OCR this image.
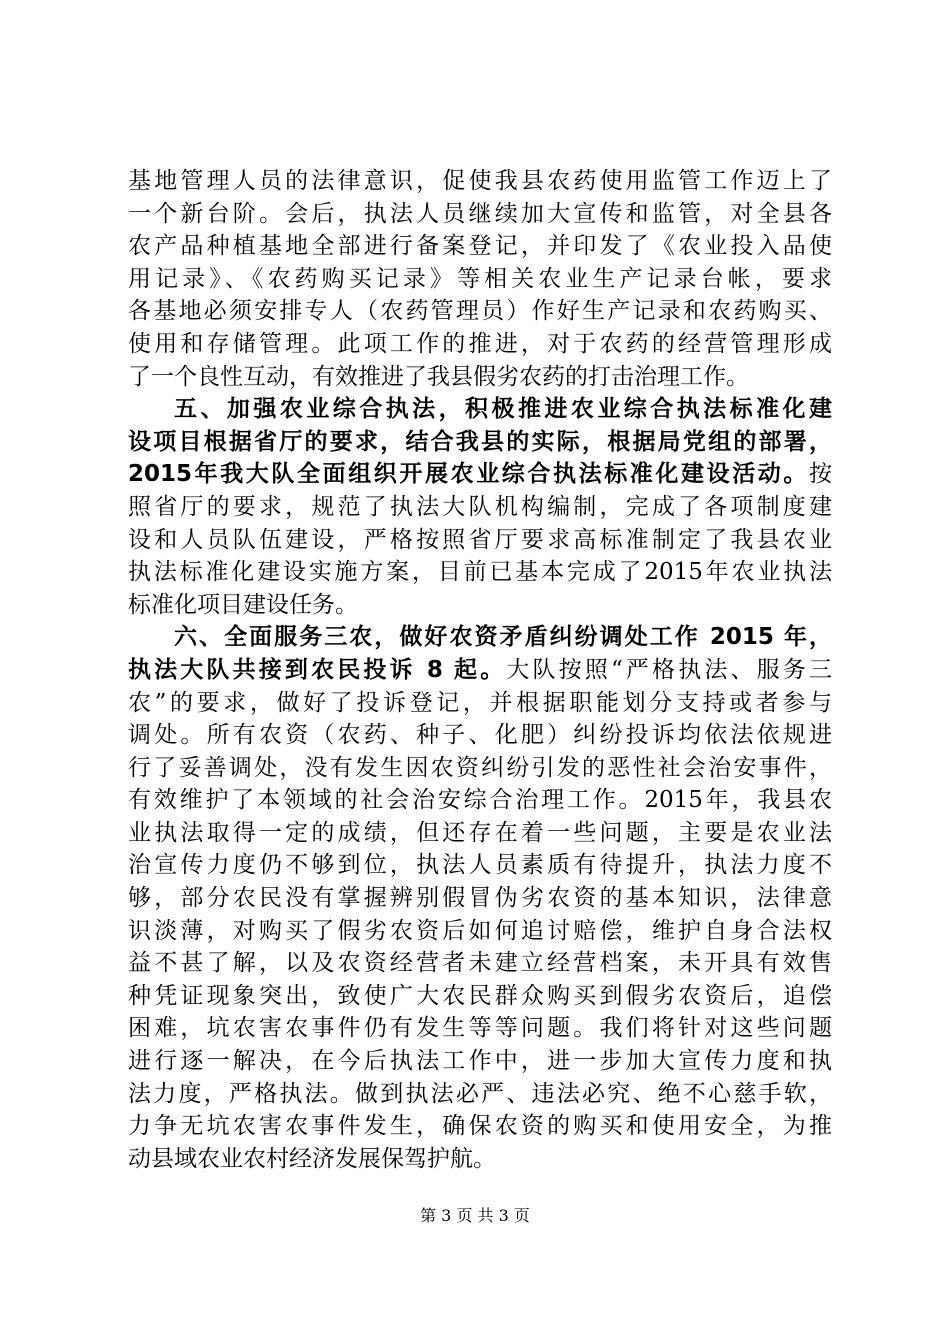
基地管理人员的法律意识，促使我县农药使用监管工作迈上了
一个新台阶。会后，执法人员继续加大宣传和监管，对全县各
农产品种植基地全部进行备案登记，并印发了《农业投入品使
用记录》、《农药购买记录》等相关农业生产记录台帐，要求
各基地必须安排专人（农药管理员）作好生产记录和农药购买、
使用和存储管理。此项工作的推进，对于农药的经营管理形成
了一个良性互动，有效推进了我县假劣农药的打击治理工作。
五、加强农业综合执法，积极推进农业综合执法标准化建
设项目根据省厅的要求，结合我县的实际，根据局党组的部署，
2015年我大队全面组织开展农业综合执法标准化建设活动。按
照省厅的要求，规范了执法大队机构编制，完成了各项制度建
设和人员队伍建设，严格按照省厅要求高标准制定了我县农业
执法标准化建设实施方案，目前已基本完成了2015年农业执法
标准化项目建设任务。
六、全面服务三农，做好农资矛盾纠纷调处工作 2015 年，
执法大队共接到农民投诉 8 起。大队按照“严格执法、服务三
农”的要求，做好了投诉登记，并根据职能划分支持或者参与
调处。所有农资（农药、种子、化肥）纠纷投诉均依法依规进
行了妥善调处，没有发生因农资纠纷引发的恶性社会治安事件，
有效维护了本领域的社会治安综合治理工作。2015年，我县农
业执法取得一定的成绩，但还存在着一些问题，主要是农业法
治宣传力度仍不够到位，执法人员素质有待提升，执法力度不
够，部分农民没有掌握辨别假冒伪劣农资的基本知识，法律意
识淡薄，对购买了假劣农资后如何追讨赔偿，维护自身合法权
益不甚了解，以及农资经营者未建立经营档案，未开具有效售
种凭证现象突出，致使广大农民群众购买到假劣农资后，追偿
困难，坑农害农事件仍有发生等等问题。我们将针对这些问题
进行逐一解决，在今后执法工作中，进一步加大宣传力度和执
法力度，严格执法。做到执法必严、违法必究、绝不心慈手软，
力争无坑农害农事件发生，确保农资的购买和使用安全，为推
动县域农业农村经济发展保驾护航。
第 3 页 共 3 页
